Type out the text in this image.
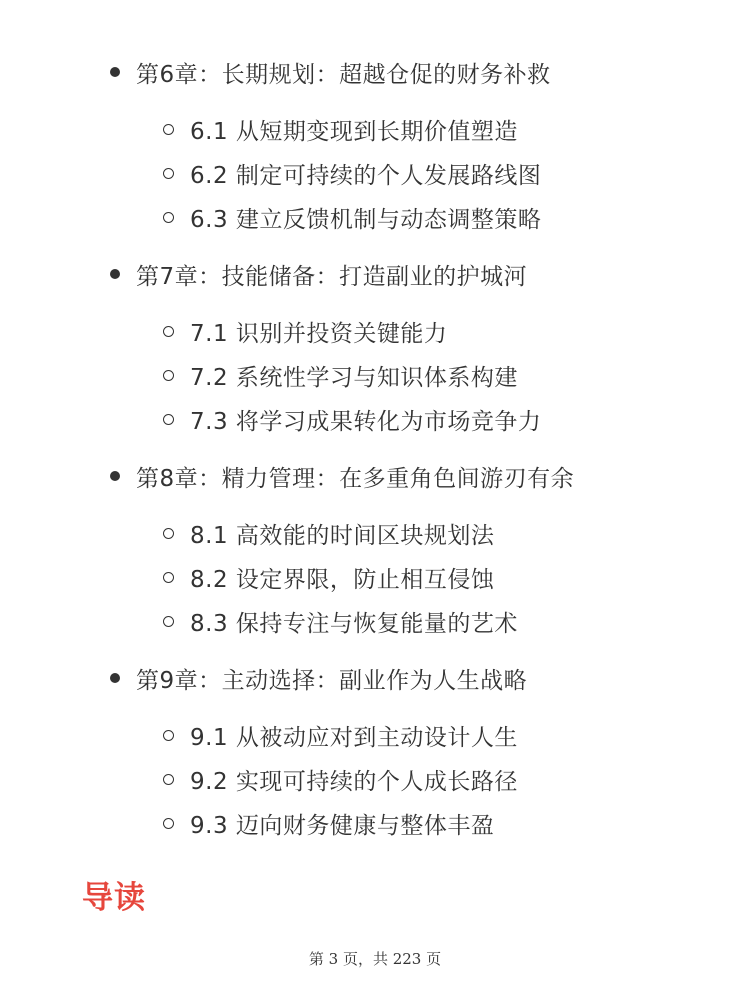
第6章：长期规划：超越仓促的财务补救
6.1 从短期变现到长期价值塑造
6.2 制定可持续的个人发展路线图
6.3 建立反馈机制与动态调整策略
第7章：技能储备：打造副业的护城河
7.1 识别并投资关键能力
7.2 系统性学习与知识体系构建
7.3 将学习成果转化为市场竞争力
第8章：精力管理：在多重角色间游刃有余
8.1 高效能的时间区块规划法
8.2 设定界限，防止相互侵蚀
8.3 保持专注与恢复能量的艺术
第9章：主动选择：副业作为人生战略
9.1 从被动应对到主动设计人生
9.2 实现可持续的个人成长路径
9.3 迈向财务健康与整体丰盈
导读
第 3 页，共 223 页
